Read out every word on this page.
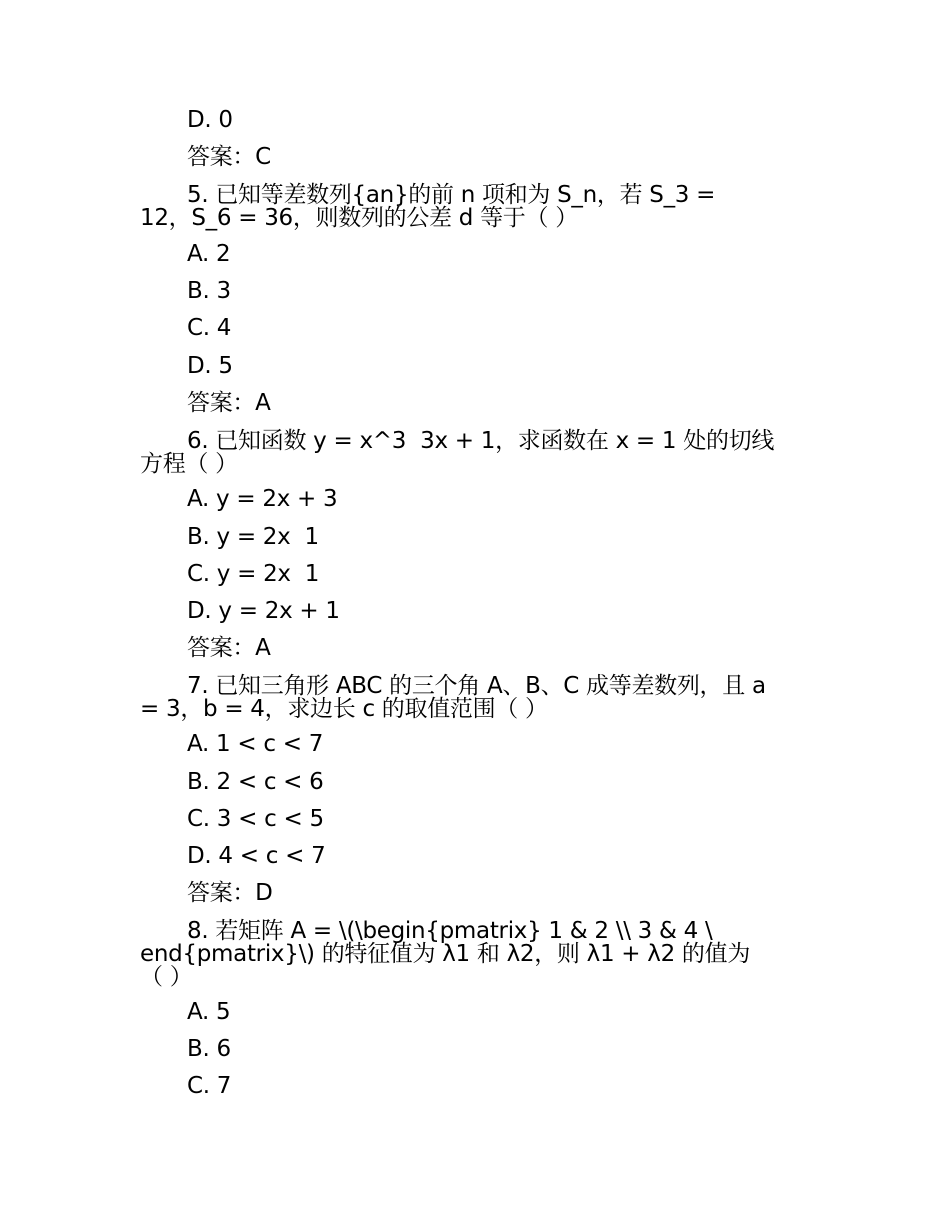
D. 0
答案：C
5. 已知等差数列{an}的前 n 项和为 S_n，若 S_3 =
12，S_6 = 36，则数列的公差 d 等于（ ）
A. 2
B. 3
C. 4
D. 5
答案：A
6. 已知函数 y = x^3  3x + 1，求函数在 x = 1 处的切线
方程（ ）
A. y = 2x + 3
B. y = 2x  1
C. y = 2x  1
D. y = 2x + 1
答案：A
7. 已知三角形 ABC 的三个角 A、B、C 成等差数列，且 a
= 3，b = 4，求边长 c 的取值范围（ ）
A. 1 < c < 7
B. 2 < c < 6
C. 3 < c < 5
D. 4 < c < 7
答案：D
8. 若矩阵 A = \(\begin{pmatrix} 1 & 2 \\ 3 & 4 \
end{pmatrix}\) 的特征值为 λ1 和 λ2，则 λ1 + λ2 的值为
（ ）
A. 5
B. 6
C. 7
